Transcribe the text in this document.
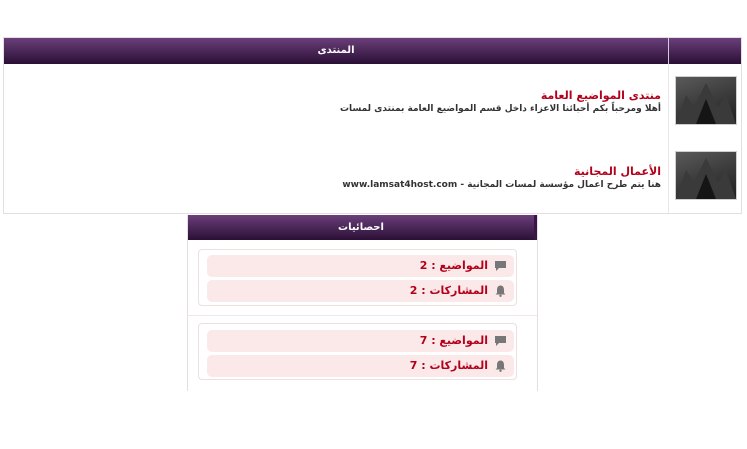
المنتدى
منتدى المواضيع العامة
أهلا ومرحباً بكم أحبائنا الاعزاء داخل قسم المواضيع العامة بمنتدى لمسات
الأعمال المجانية
هنا يتم طرح اعمال مؤسسة لمسات المجانية - www.lamsat4host.com
احصائيات
المواضيع : 2
المشاركات : 2
المواضيع : 7
المشاركات : 7
